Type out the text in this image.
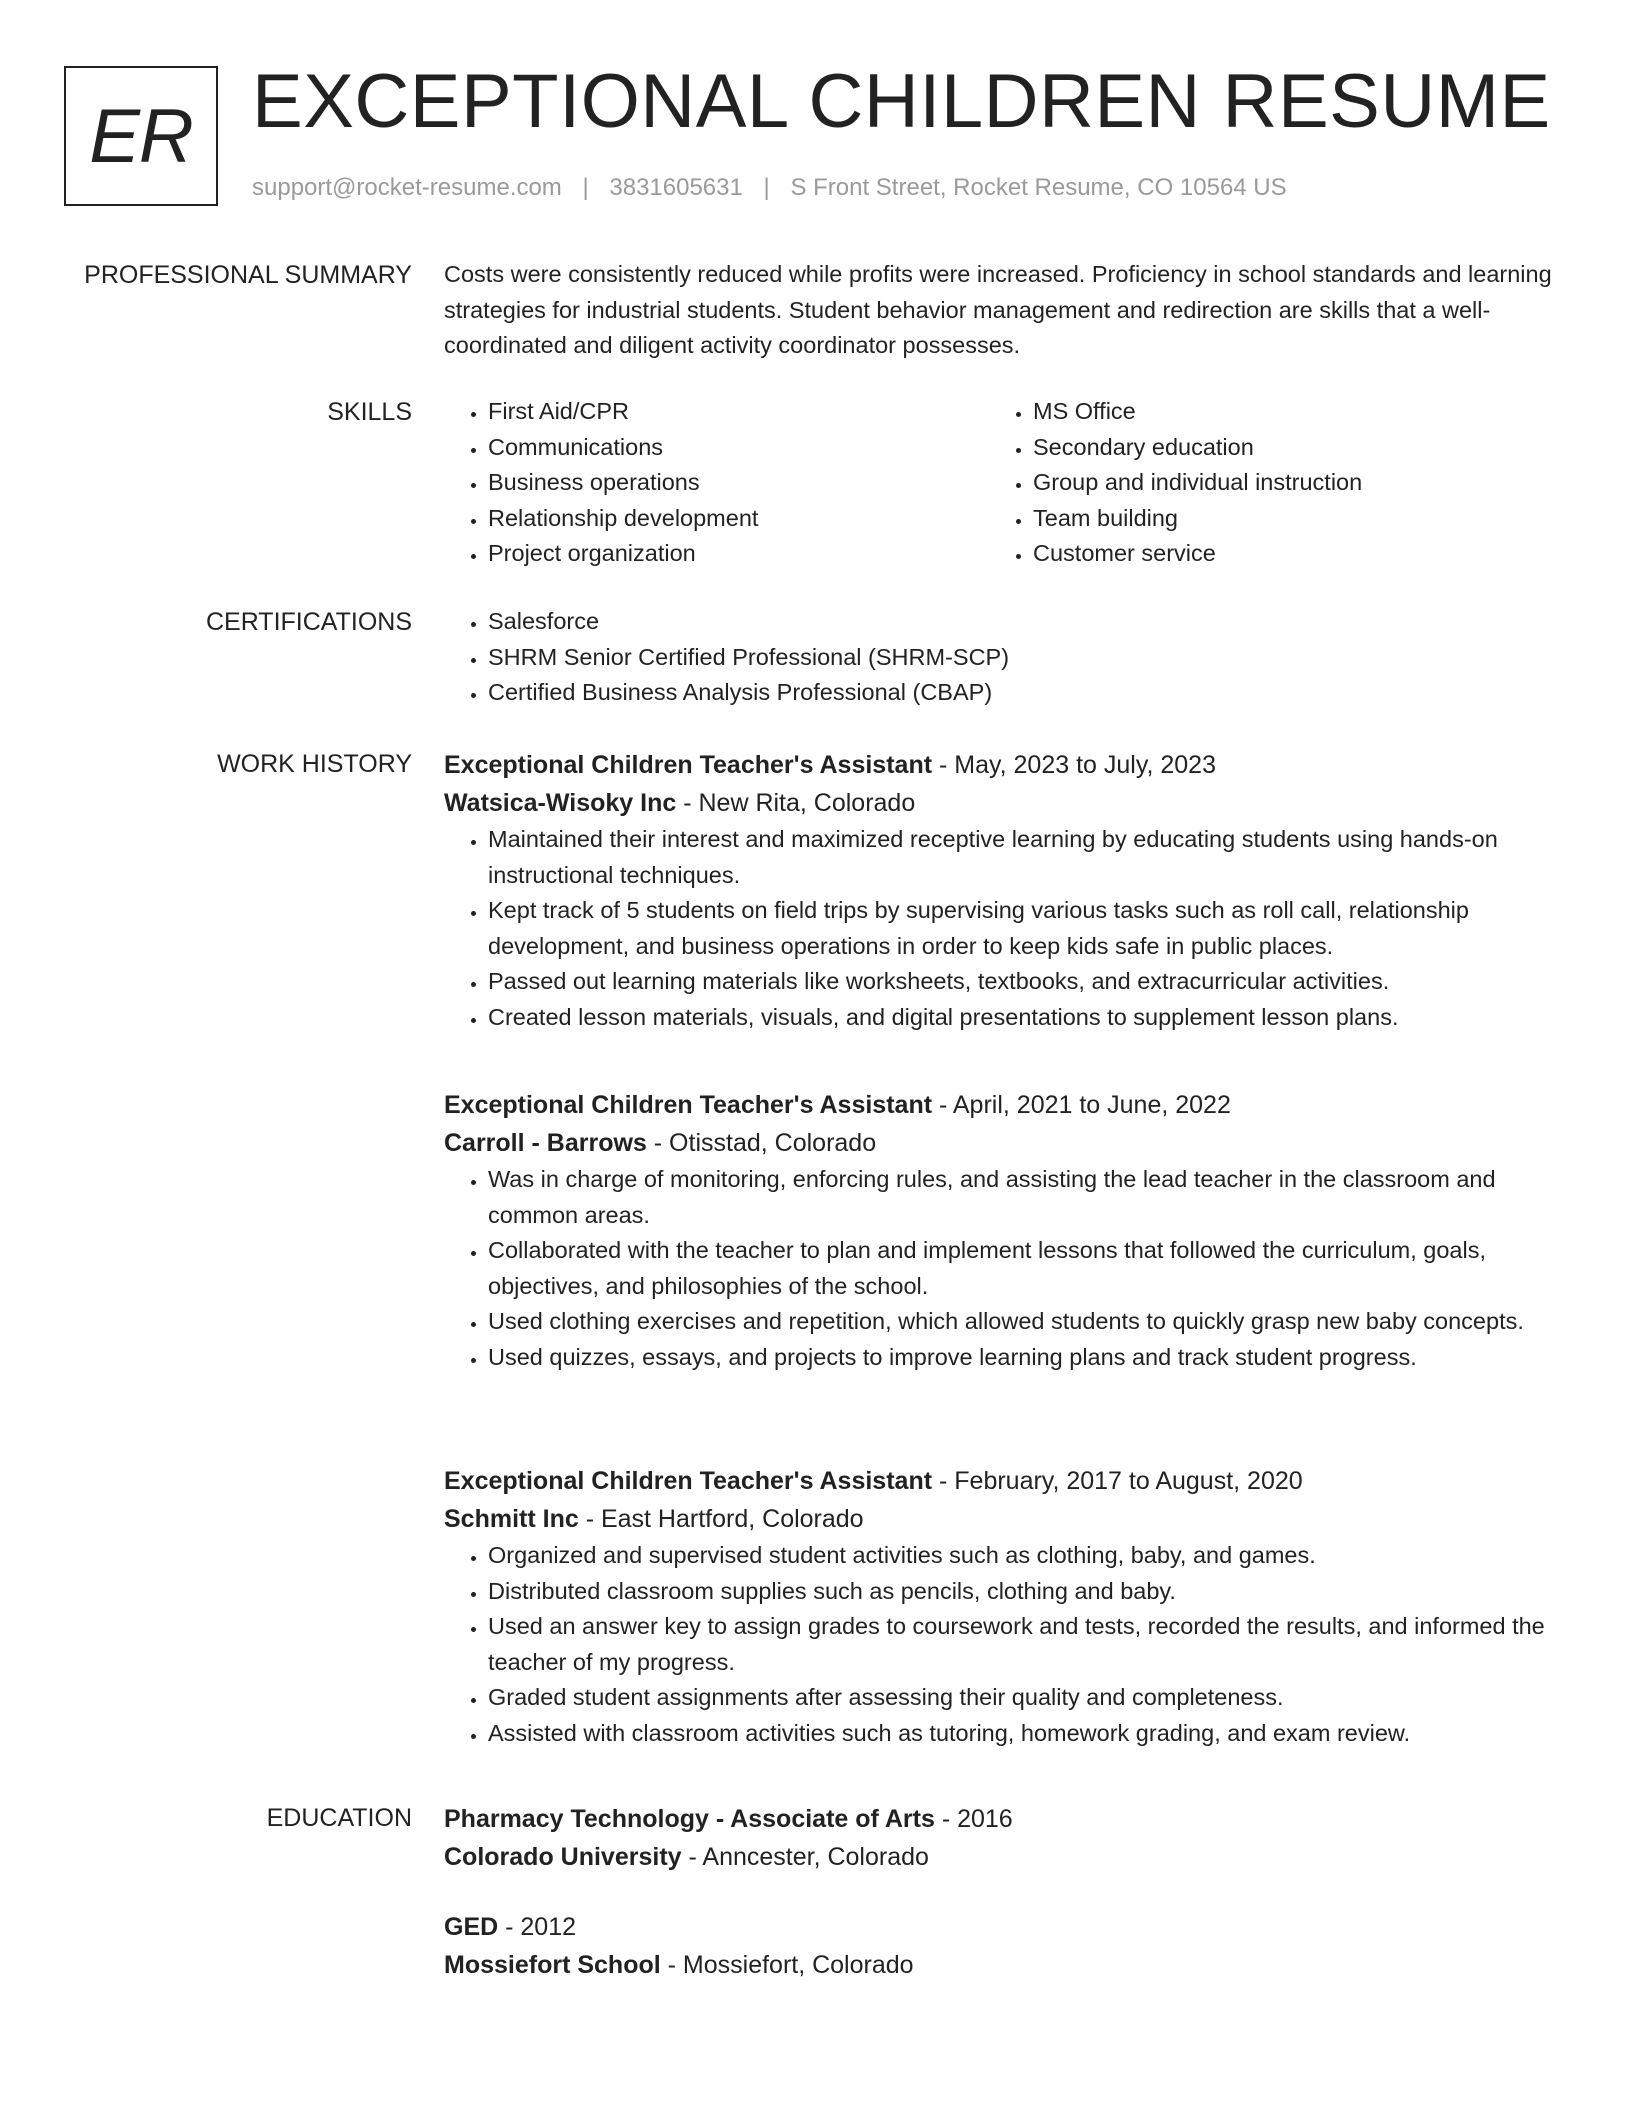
ER EXCEPTIONAL CHILDREN RESUME
support@rocket-resume.com | 3831605631 | S Front Street, Rocket Resume, CO 10564 US
PROFESSIONAL SUMMARY Costs were consistently reduced while profits were increased. Proficiency in school standards and learning strategies for industrial students. Student behavior management and redirection are skills that a well-coordinated and diligent activity coordinator possesses.

SKILLS	• First Aid/CPR
• Communications
• Business operations
• Relationship development
• Project organization
• MS Office
• Secondary education
• Group and individual instruction
• Team building
• Customer service
CERTIFICATIONS	• Salesforce
• SHRM Senior Certified Professional (SHRM-SCP)
• Certified Business Analysis Professional (CBAP)
WORK HISTORY Exceptional Children Teacher's Assistant - May, 2023 to July, 2023
Watsica-Wisoky Inc - New Rita, Colorado
• Maintained their interest and maximized receptive learning by educating students using hands-on instructional techniques.
• Kept track of 5 students on field trips by supervising various tasks such as roll call, relationship development, and business operations in order to keep kids safe in public places.
• Passed out learning materials like worksheets, textbooks, and extracurricular activities.
• Created lesson materials, visuals, and digital presentations to supplement lesson plans.
Exceptional Children Teacher's Assistant - April, 2021 to June, 2022
Carroll - Barrows - Otisstad, Colorado
• Was in charge of monitoring, enforcing rules, and assisting the lead teacher in the classroom and common areas.
• Collaborated with the teacher to plan and implement lessons that followed the curriculum, goals, objectives, and philosophies of the school.
• Used clothing exercises and repetition, which allowed students to quickly grasp new baby concepts.
• Used quizzes, essays, and projects to improve learning plans and track student progress.
Exceptional Children Teacher's Assistant - February, 2017 to August, 2020
Schmitt Inc - East Hartford, Colorado
• Organized and supervised student activities such as clothing, baby, and games.
• Distributed classroom supplies such as pencils, clothing and baby.
• Used an answer key to assign grades to coursework and tests, recorded the results, and informed the teacher of my progress.
• Graded student assignments after assessing their quality and completeness.
• Assisted with classroom activities such as tutoring, homework grading, and exam review.
EDUCATION Pharmacy Technology - Associate of Arts - 2016
Colorado University - Anncester, Colorado
GED - 2012
Mossiefort School - Mossiefort, Colorado
